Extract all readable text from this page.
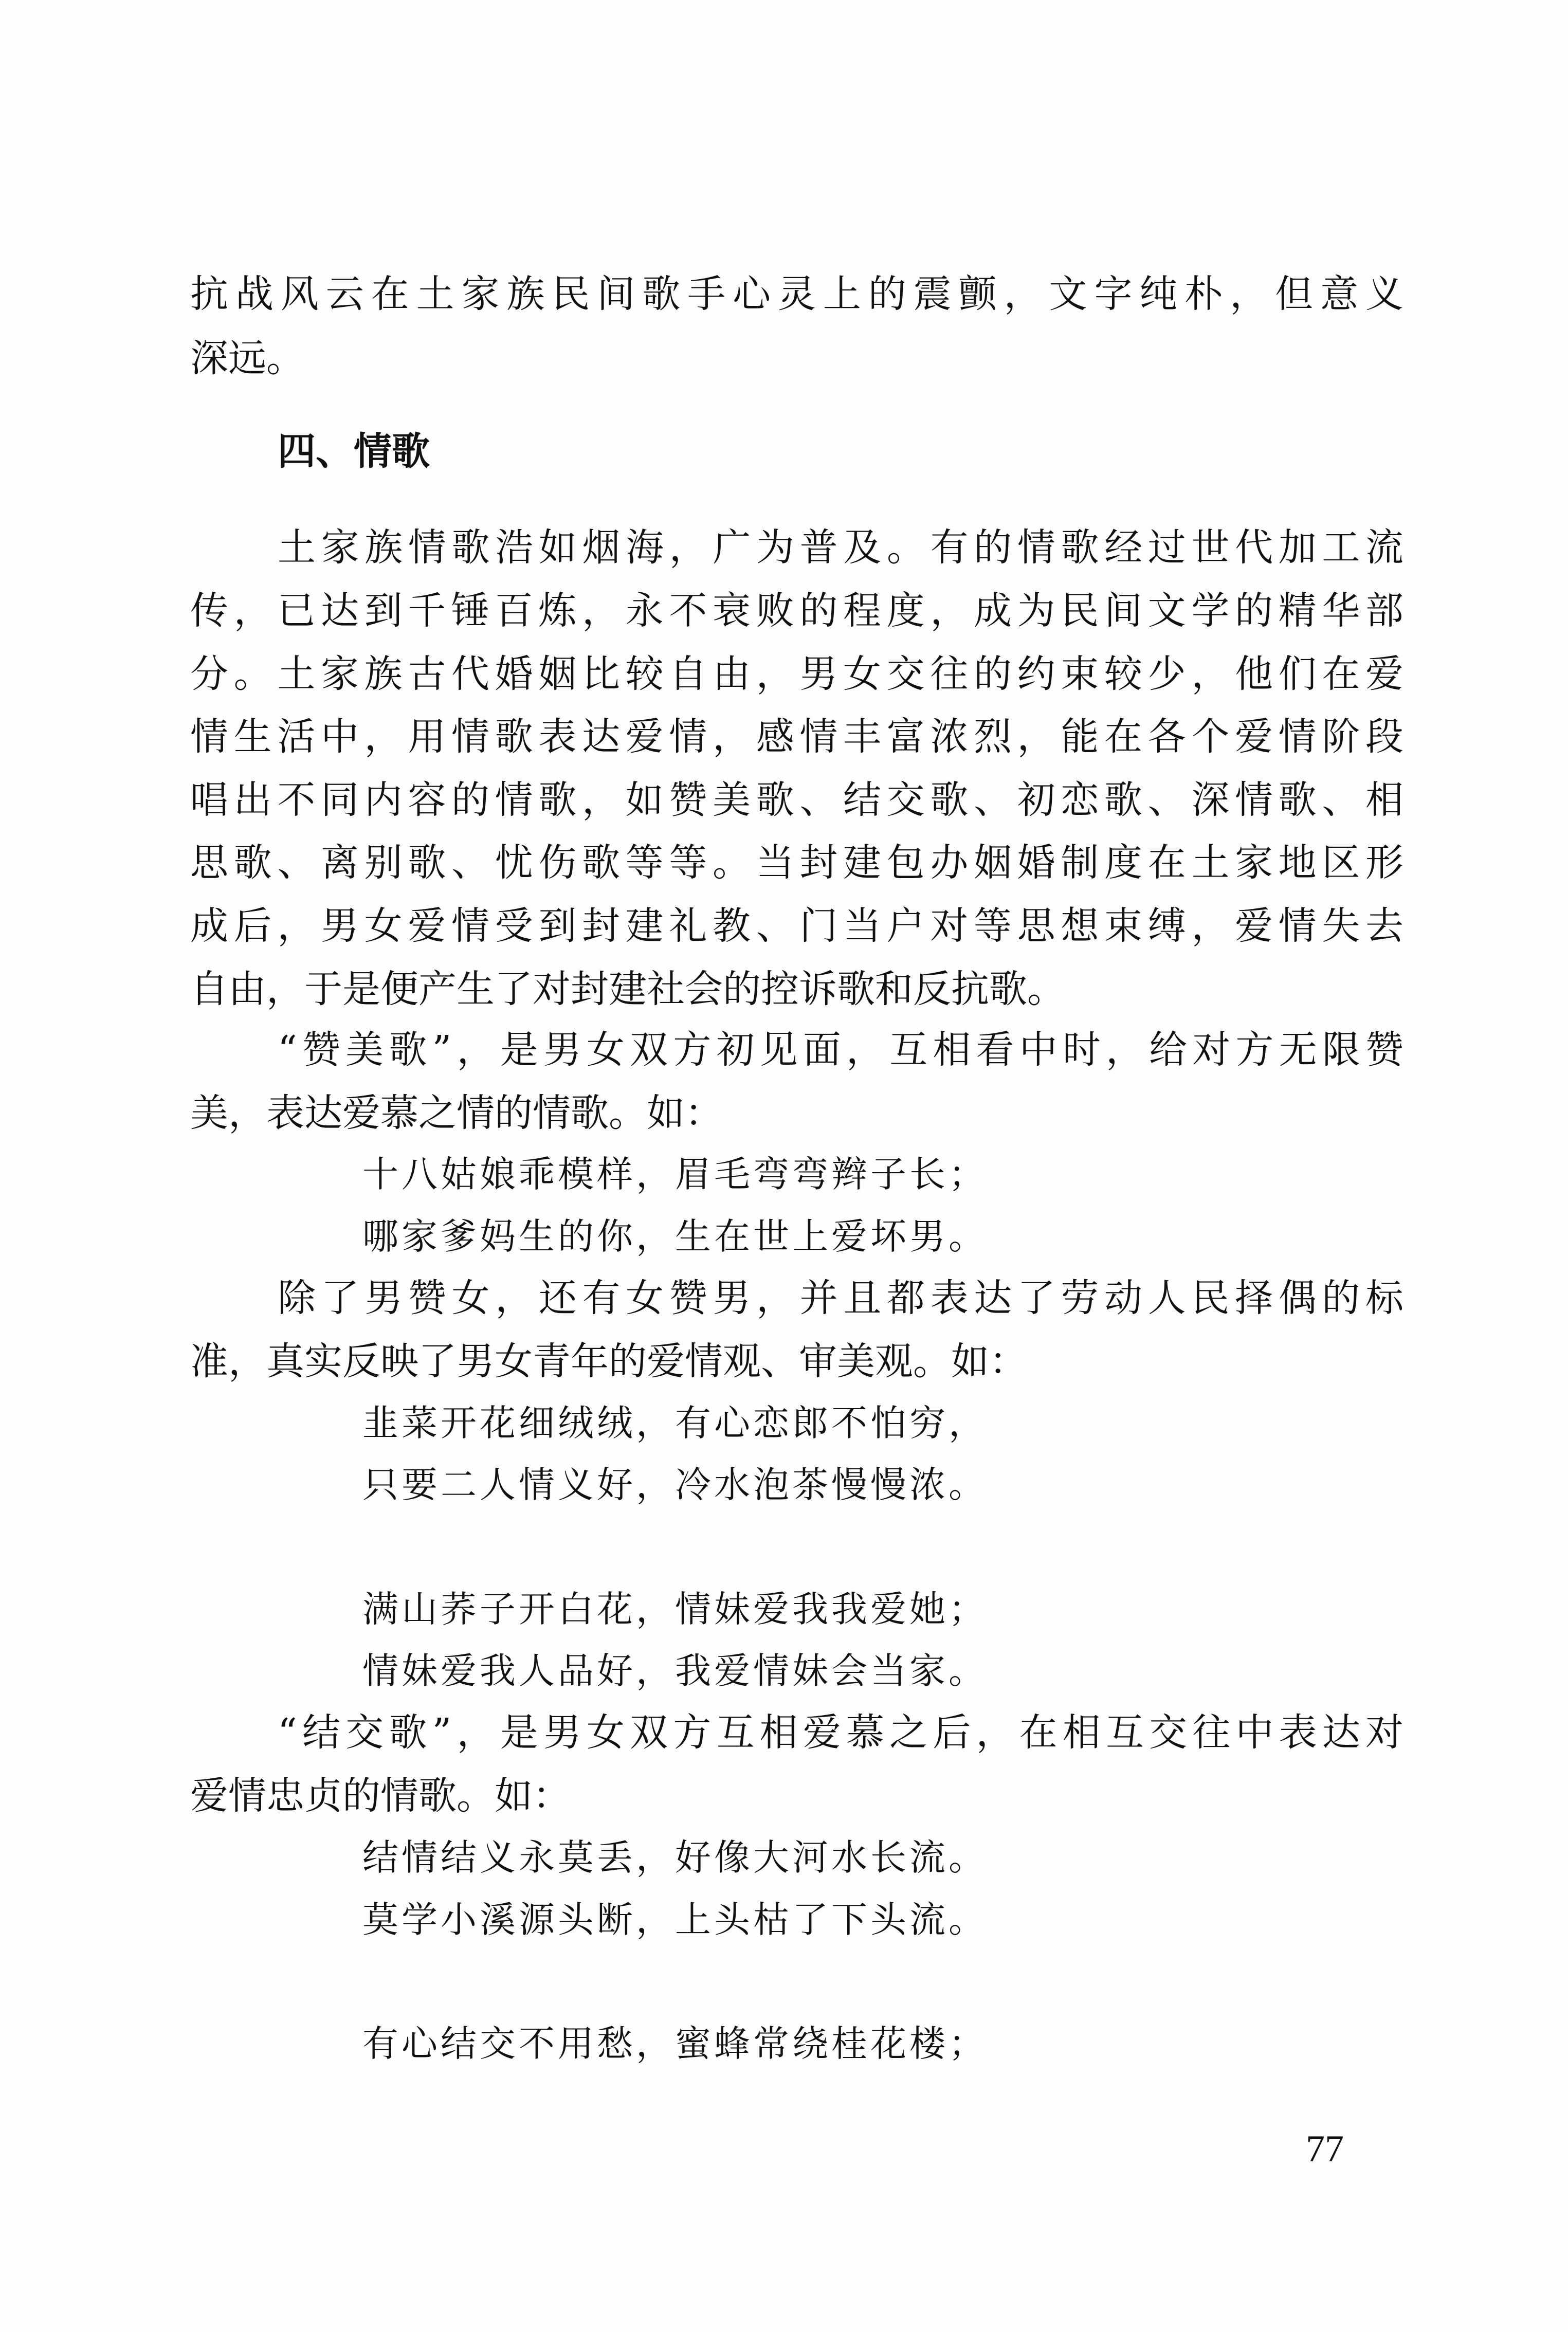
抗战风云在土家族民间歌手心灵上的震颤，文字纯朴，但意义
深远。
四、情歌
土家族情歌浩如烟海，广为普及。有的情歌经过世代加工流
传，已达到千锤百炼，永不衰败的程度，成为民间文学的精华部
分。土家族古代婚姻比较自由，男女交往的约束较少，他们在爱
情生活中，用情歌表达爱情，感情丰富浓烈，能在各个爱情阶段
唱出不同内容的情歌，如赞美歌、结交歌、初恋歌、深情歌、相
思歌、离别歌、忧伤歌等等。当封建包办姻婚制度在土家地区形
成后，男女爱情受到封建礼教、门当户对等思想束缚，爱情失去
自由，于是便产生了对封建社会的控诉歌和反抗歌。
“赞美歌”，是男女双方初见面，互相看中时，给对方无限赞
美，表达爱慕之情的情歌。如：
十八姑娘乖模样，眉毛弯弯辫子长；
哪家爹妈生的你，生在世上爱坏男。
除了男赞女，还有女赞男，并且都表达了劳动人民择偶的标
准，真实反映了男女青年的爱情观、审美观。如：
韭菜开花细绒绒，有心恋郎不怕穷，
只要二人情义好，冷水泡茶慢慢浓。
满山荞子开白花，情妹爱我我爱她；
情妹爱我人品好，我爱情妹会当家。
“结交歌”，是男女双方互相爱慕之后，在相互交往中表达对
爱情忠贞的情歌。如：
结情结义永莫丢，好像大河水长流。
莫学小溪源头断，上头枯了下头流。
有心结交不用愁，蜜蜂常绕桂花楼；
77
